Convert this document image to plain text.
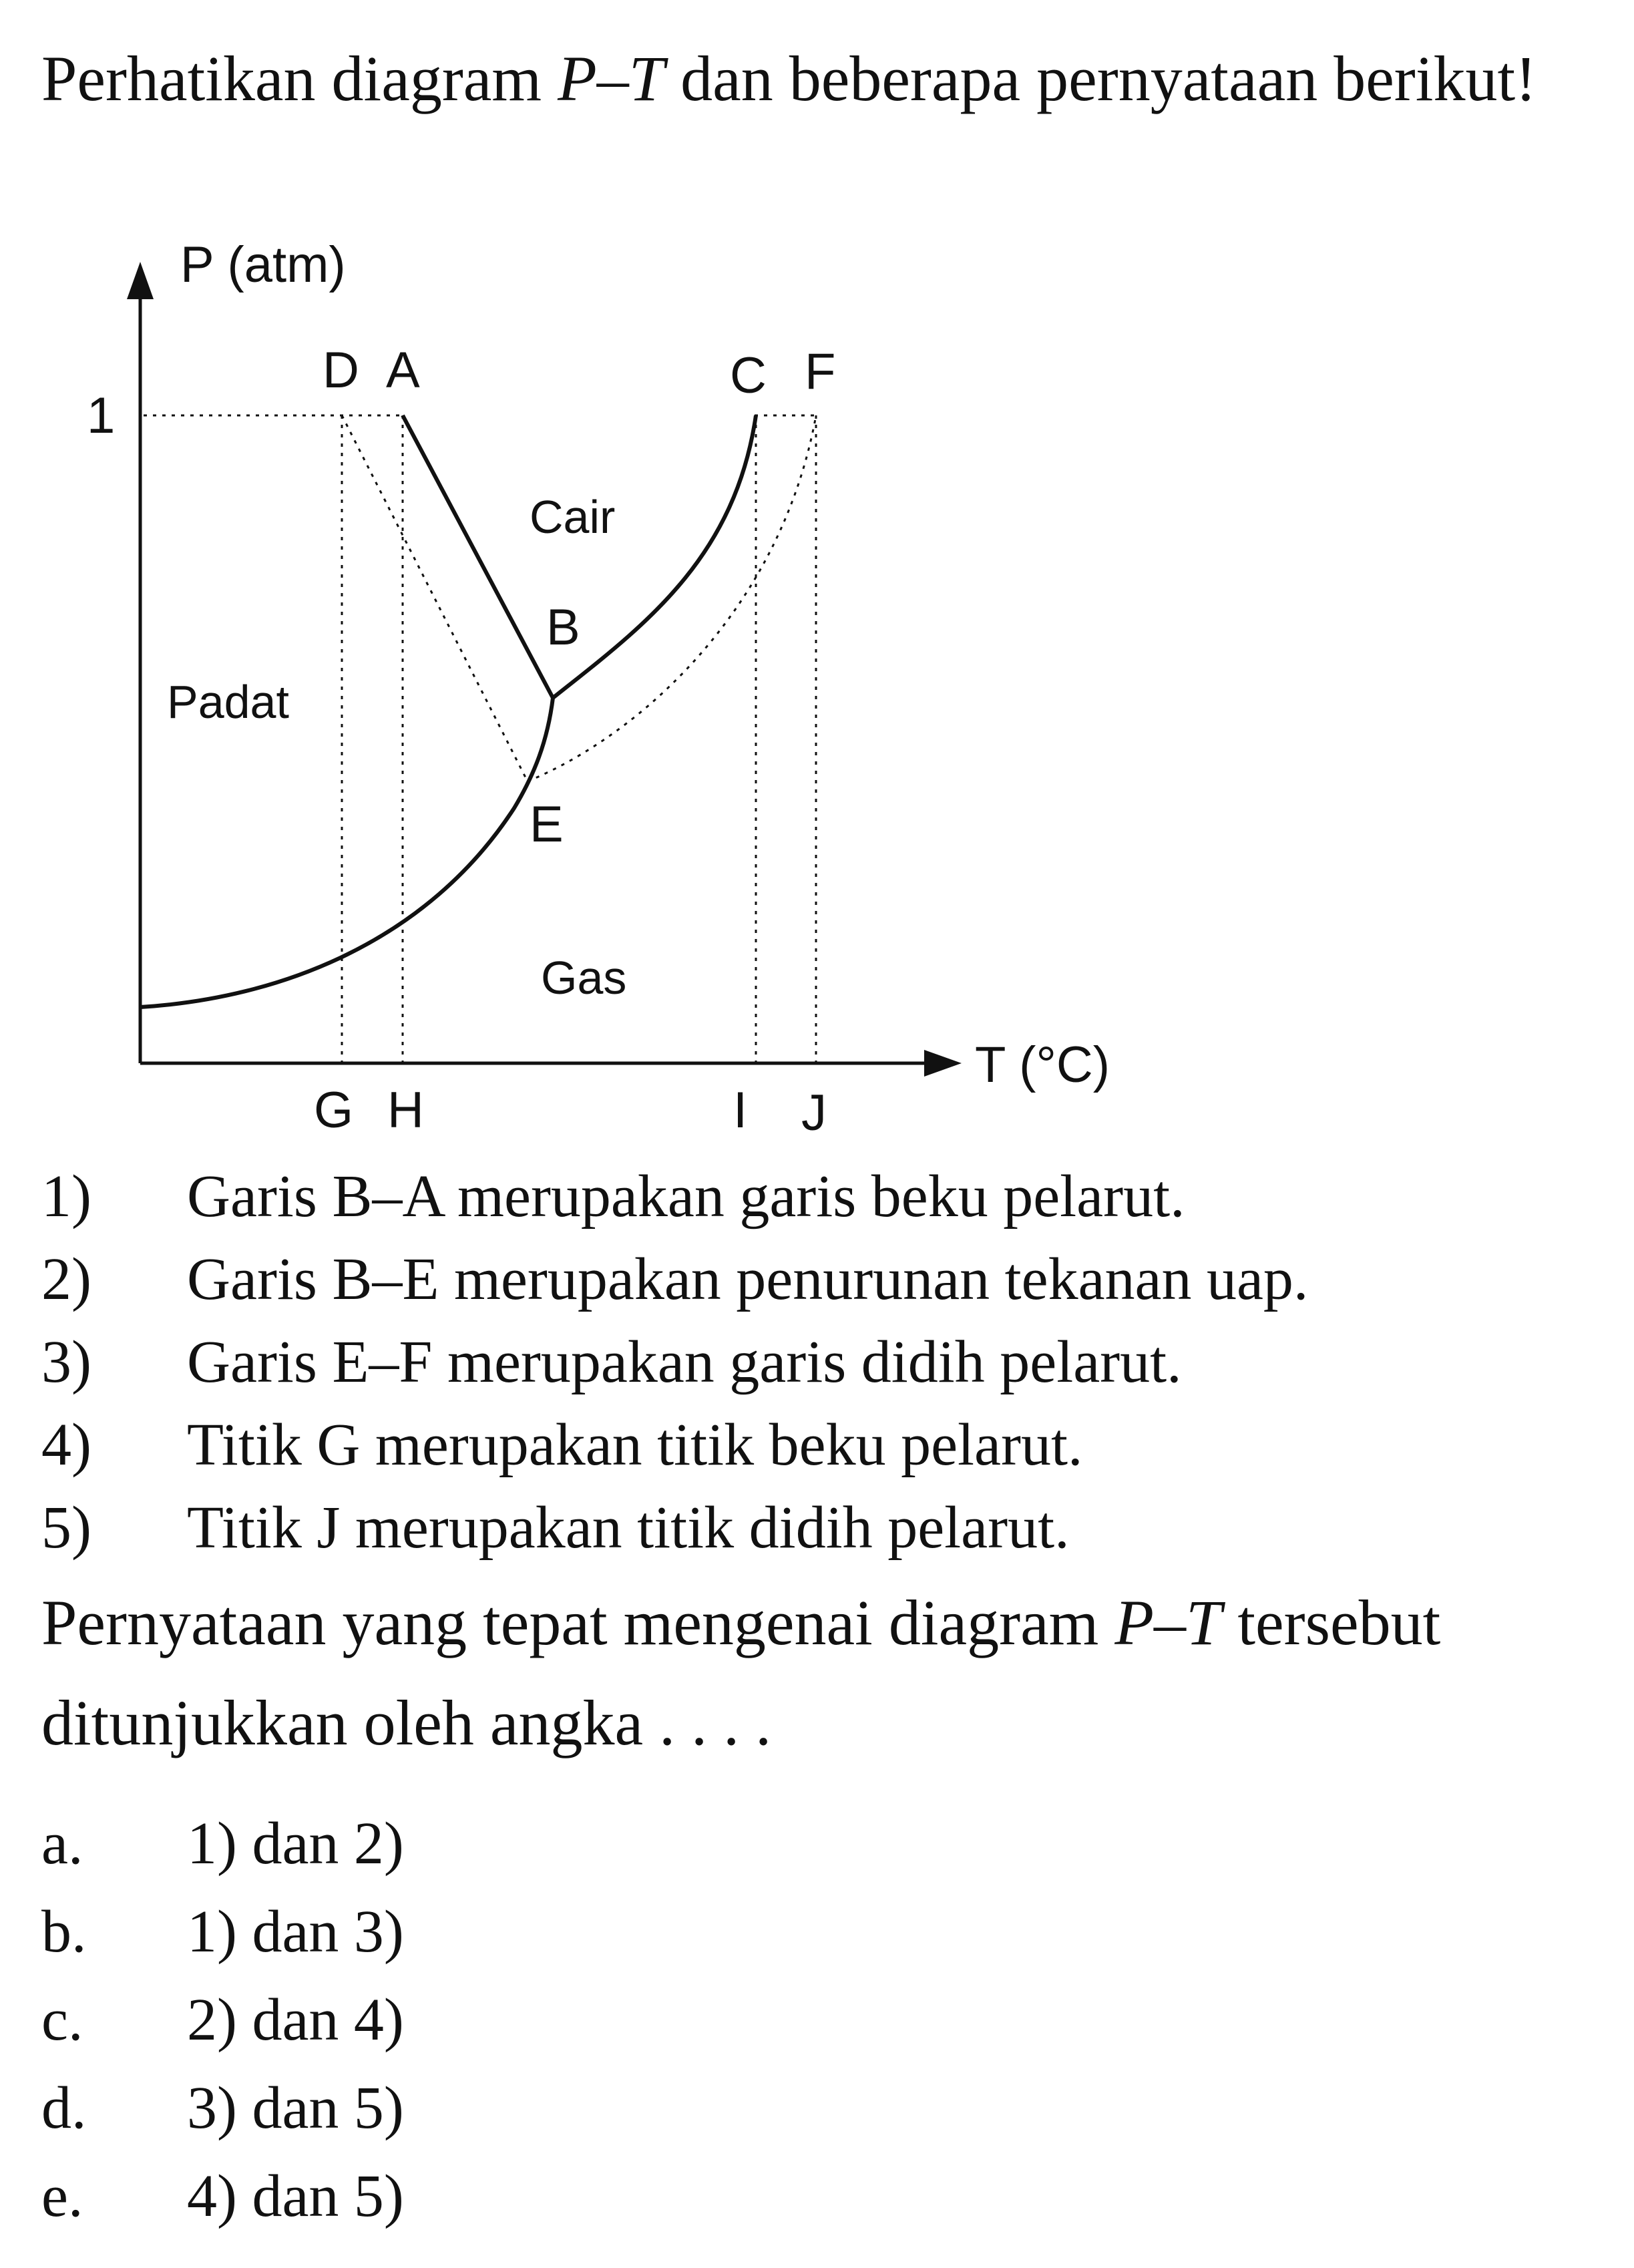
Perhatikan diagram P–T dan beberapa pernyataan berikut!

P (atm)
T (°C)
1
D A	C F
B
E
G H	I J
Cair
Padat
Gas
1) Garis B–A merupakan garis beku pelarut.
2) Garis B–E merupakan penurunan tekanan uap.
3) Garis E–F merupakan garis didih pelarut.
4) Titik G merupakan titik beku pelarut.
5) Titik J merupakan titik didih pelarut.

Pernyataan yang tepat mengenai diagram P–T tersebut ditunjukkan oleh angka . . . .

a. 1) dan 2)
b. 1) dan 3)
c. 2) dan 4)
d. 3) dan 5)
e. 4) dan 5)
